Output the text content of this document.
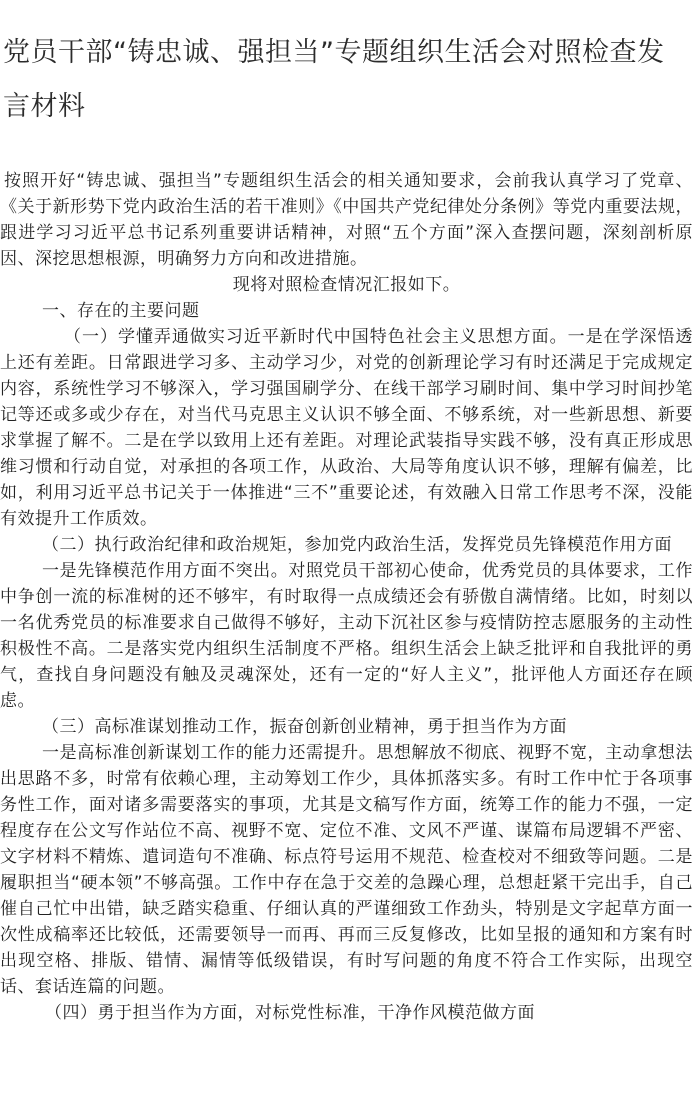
党员干部“铸忠诚、强担当”专题组织生活会对照检查发言材料

按照开好“铸忠诚、强担当”专题组织生活会的相关通知要求，会前我认真学习了党章、《关于新形势下党内政治生活的若干准则》《中国共产党纪律处分条例》等党内重要法规，跟进学习习近平总书记系列重要讲话精神，对照“五个方面”深入查摆问题，深刻剖析原因、深挖思想根源，明确努力方向和改进措施。

现将对照检查情况汇报如下。

一、存在的主要问题

（一）学懂弄通做实习近平新时代中国特色社会主义思想方面。一是在学深悟透上还有差距。日常跟进学习多、主动学习少，对党的创新理论学习有时还满足于完成规定内容，系统性学习不够深入，学习强国刷学分、在线干部学习刷时间、集中学习时间抄笔记等还或多或少存在，对当代马克思主义认识不够全面、不够系统，对一些新思想、新要求掌握了解不。二是在学以致用上还有差距。对理论武装指导实践不够，没有真正形成思维习惯和行动自觉，对承担的各项工作，从政治、大局等角度认识不够，理解有偏差，比如，利用习近平总书记关于一体推进“三不”重要论述，有效融入日常工作思考不深，没能有效提升工作质效。

（二）执行政治纪律和政治规矩，参加党内政治生活，发挥党员先锋模范作用方面

一是先锋模范作用方面不突出。对照党员干部初心使命，优秀党员的具体要求，工作中争创一流的标准树的还不够牢，有时取得一点成绩还会有骄傲自满情绪。比如，时刻以一名优秀党员的标准要求自己做得不够好，主动下沉社区参与疫情防控志愿服务的主动性积极性不高。二是落实党内组织生活制度不严格。组织生活会上缺乏批评和自我批评的勇气，查找自身问题没有触及灵魂深处，还有一定的“好人主义”，批评他人方面还存在顾虑。

（三）高标准谋划推动工作，振奋创新创业精神，勇于担当作为方面

一是高标准创新谋划工作的能力还需提升。思想解放不彻底、视野不宽，主动拿想法出思路不多，时常有依赖心理，主动筹划工作少，具体抓落实多。有时工作中忙于各项事务性工作，面对诸多需要落实的事项，尤其是文稿写作方面，统筹工作的能力不强，一定程度存在公文写作站位不高、视野不宽、定位不准、文风不严谨、谋篇布局逻辑不严密、文字材料不精炼、遣词造句不准确、标点符号运用不规范、检查校对不细致等问题。二是履职担当“硬本领”不够高强。工作中存在急于交差的急躁心理，总想赶紧干完出手，自己催自己忙中出错，缺乏踏实稳重、仔细认真的严谨细致工作劲头，特别是文字起草方面一次性成稿率还比较低，还需要领导一而再、再而三反复修改，比如呈报的通知和方案有时出现空格、排版、错情、漏情等低级错误，有时写问题的角度不符合工作实际，出现空话、套话连篇的问题。

（四）勇于担当作为方面，对标党性标准，干净作风模范做方面
